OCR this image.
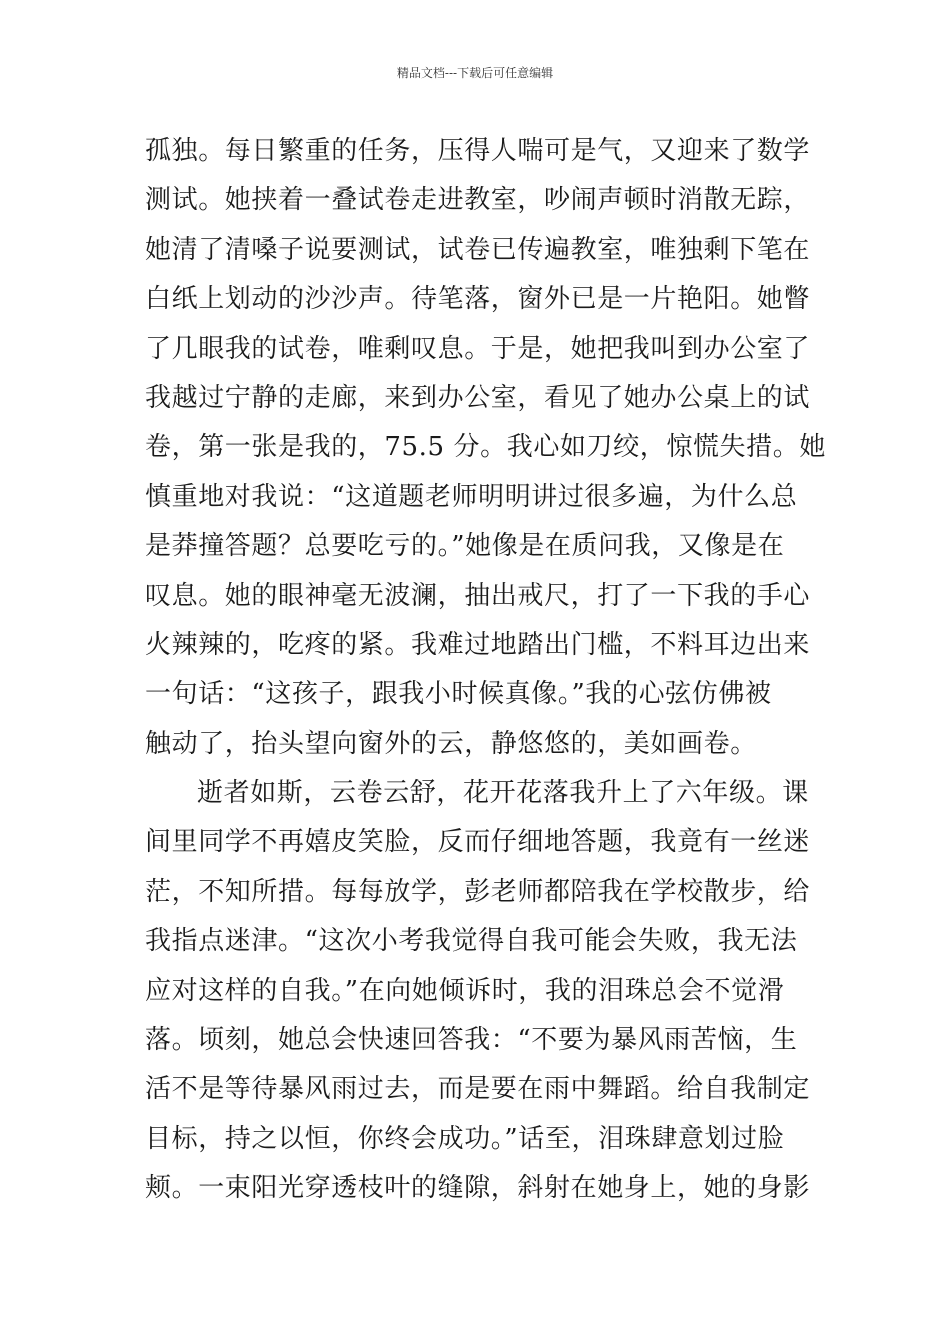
精品文档---下载后可任意编辑
孤独。每日繁重的任务，压得人喘可是气，又迎来了数学
测试。她挟着一叠试卷走进教室，吵闹声顿时消散无踪，
她清了清嗓子说要测试，试卷已传遍教室，唯独剩下笔在
白纸上划动的沙沙声。待笔落，窗外已是一片艳阳。她瞥
了几眼我的试卷，唯剩叹息。于是，她把我叫到办公室了
我越过宁静的走廊，来到办公室，看见了她办公桌上的试
卷，第一张是我的，75.5 分。我心如刀绞，惊慌失措。她
慎重地对我说：“这道题老师明明讲过很多遍，为什么总
是莽撞答题？总要吃亏的。”她像是在质问我，又像是在
叹息。她的眼神毫无波澜，抽出戒尺，打了一下我的手心
火辣辣的，吃疼的紧。我难过地踏出门槛，不料耳边出来
一句话：“这孩子，跟我小时候真像。”我的心弦仿佛被
触动了，抬头望向窗外的云，静悠悠的，美如画卷。
逝者如斯，云卷云舒，花开花落我升上了六年级。课
间里同学不再嬉皮笑脸，反而仔细地答题，我竟有一丝迷
茫，不知所措。每每放学，彭老师都陪我在学校散步，给
我指点迷津。“这次小考我觉得自我可能会失败，我无法
应对这样的自我。”在向她倾诉时，我的泪珠总会不觉滑
落。顷刻，她总会快速回答我：“不要为暴风雨苦恼，生
活不是等待暴风雨过去，而是要在雨中舞蹈。给自我制定
目标，持之以恒，你终会成功。”话至，泪珠肆意划过脸
颊。一束阳光穿透枝叶的缝隙，斜射在她身上，她的身影
